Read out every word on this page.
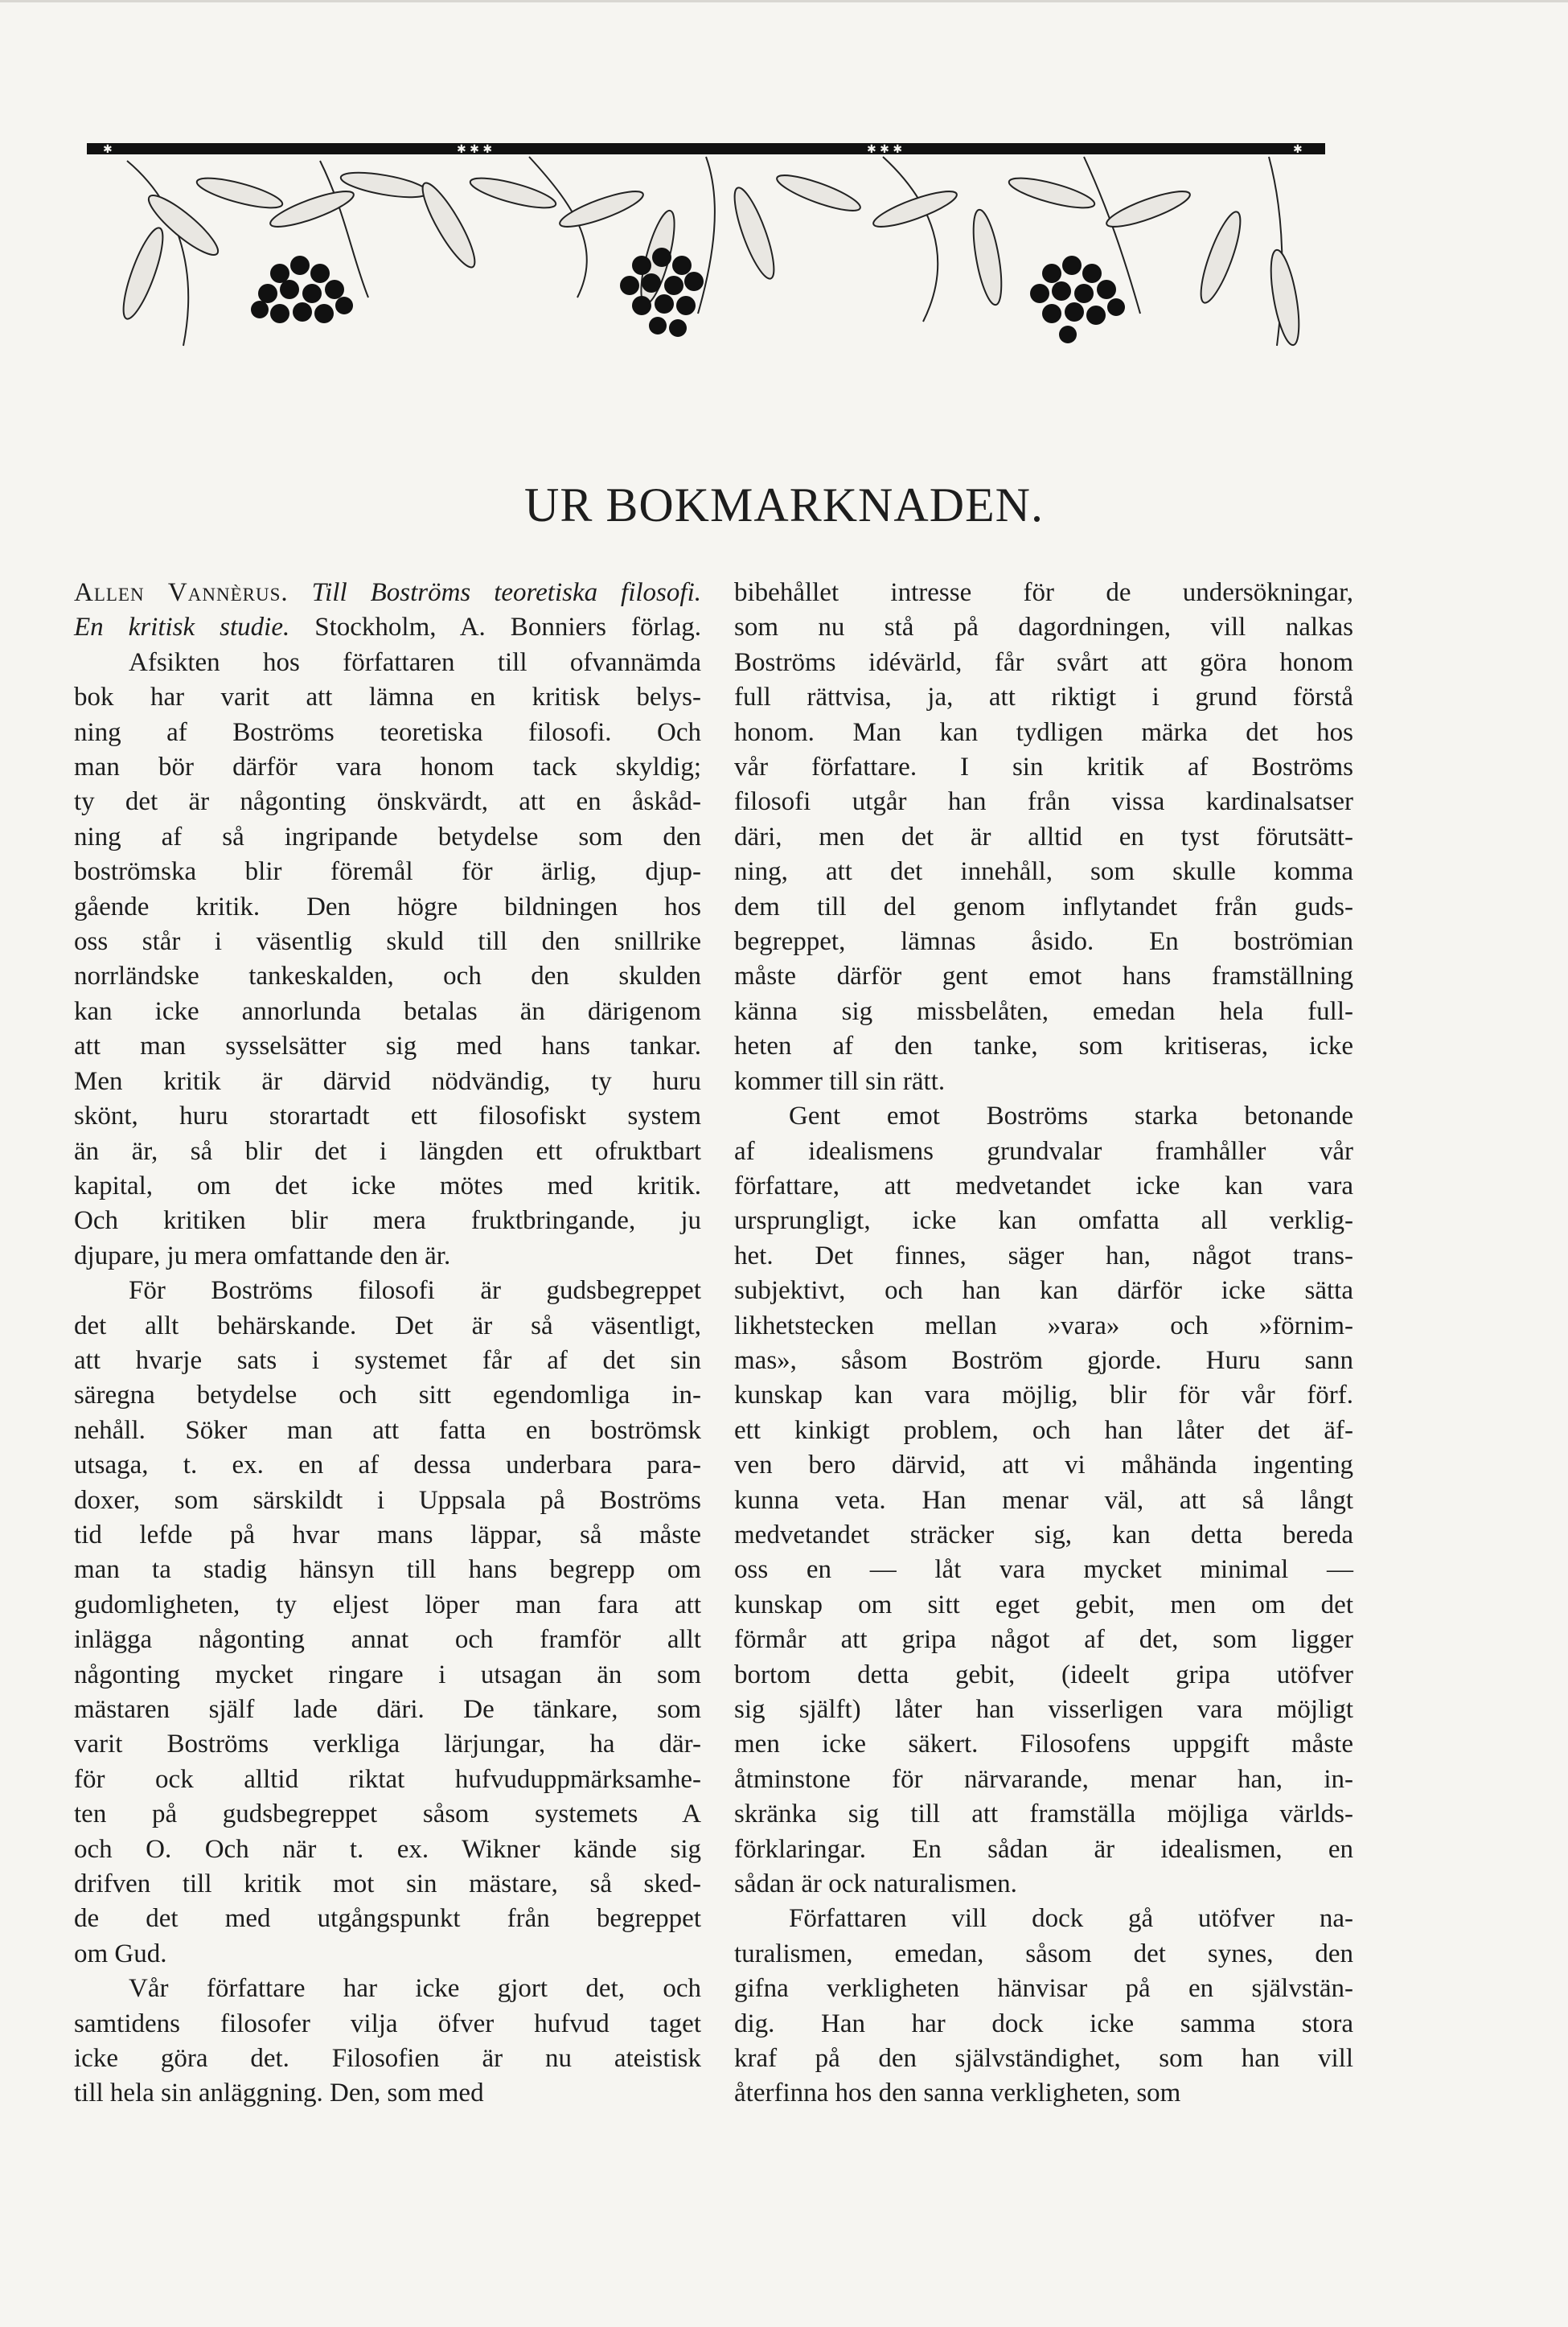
✱	✱ ✱ ✱	✱ ✱ ✱	✱
UR BOKMARKNADEN.
Allen Vannèrus. Till Boströms teoretiska filosofi.
En kritisk studie. Stockholm, A. Bonniers förlag.
Afsikten hos författaren till ofvannämda
bok har varit att lämna en kritisk belys-
ning af Boströms teoretiska filosofi. Och
man bör därför vara honom tack skyldig;
ty det är någonting önskvärdt, att en åskåd-
ning af så ingripande betydelse som den
boströmska blir föremål för ärlig, djup-
gående kritik. Den högre bildningen hos
oss står i väsentlig skuld till den snillrike
norrländske tankeskalden, och den skulden
kan icke annorlunda betalas än därigenom
att man sysselsätter sig med hans tankar.
Men kritik är därvid nödvändig, ty huru
skönt, huru storartadt ett filosofiskt system
än är, så blir det i längden ett ofruktbart
kapital, om det icke mötes med kritik.
Och kritiken blir mera fruktbringande, ju
djupare, ju mera omfattande den är.
För Boströms filosofi är gudsbegreppet
det allt behärskande. Det är så väsentligt,
att hvarje sats i systemet får af det sin
säregna betydelse och sitt egendomliga in-
nehåll. Söker man att fatta en boströmsk
utsaga, t. ex. en af dessa underbara para-
doxer, som särskildt i Uppsala på Boströms
tid lefde på hvar mans läppar, så måste
man ta stadig hänsyn till hans begrepp om
gudomligheten, ty eljest löper man fara att
inlägga någonting annat och framför allt
någonting mycket ringare i utsagan än som
mästaren själf lade däri. De tänkare, som
varit Boströms verkliga lärjungar, ha där-
för ock alltid riktat hufvuduppmärksamhe-
ten på gudsbegreppet såsom systemets A
och O. Och när t. ex. Wikner kände sig
drifven till kritik mot sin mästare, så sked-
de det med utgångspunkt från begreppet
om Gud.
Vår författare har icke gjort det, och
samtidens filosofer vilja öfver hufvud taget
icke göra det. Filosofien är nu ateistisk
till hela sin anläggning. Den, som med
bibehållet intresse för de undersökningar,
som nu stå på dagordningen, vill nalkas
Boströms idévärld, får svårt att göra honom
full rättvisa, ja, att riktigt i grund förstå
honom. Man kan tydligen märka det hos
vår författare. I sin kritik af Boströms
filosofi utgår han från vissa kardinalsatser
däri, men det är alltid en tyst förutsätt-
ning, att det innehåll, som skulle komma
dem till del genom inflytandet från guds-
begreppet, lämnas åsido. En boströmian
måste därför gent emot hans framställning
känna sig missbelåten, emedan hela full-
heten af den tanke, som kritiseras, icke
kommer till sin rätt.
Gent emot Boströms starka betonande
af idealismens grundvalar framhåller vår
författare, att medvetandet icke kan vara
ursprungligt, icke kan omfatta all verklig-
het. Det finnes, säger han, något trans-
subjektivt, och han kan därför icke sätta
likhetstecken mellan »vara» och »förnim-
mas», såsom Boström gjorde. Huru sann
kunskap kan vara möjlig, blir för vår förf.
ett kinkigt problem, och han låter det äf-
ven bero därvid, att vi måhända ingenting
kunna veta. Han menar väl, att så långt
medvetandet sträcker sig, kan detta bereda
oss en — låt vara mycket minimal —
kunskap om sitt eget gebit, men om det
förmår att gripa något af det, som ligger
bortom detta gebit, (ideelt gripa utöfver
sig själft) låter han visserligen vara möjligt
men icke säkert. Filosofens uppgift måste
åtminstone för närvarande, menar han, in-
skränka sig till att framställa möjliga världs-
förklaringar. En sådan är idealismen, en
sådan är ock naturalismen.
Författaren vill dock gå utöfver na-
turalismen, emedan, såsom det synes, den
gifna verkligheten hänvisar på en självstän-
dig. Han har dock icke samma stora
kraf på den självständighet, som han vill
återfinna hos den sanna verkligheten, som
